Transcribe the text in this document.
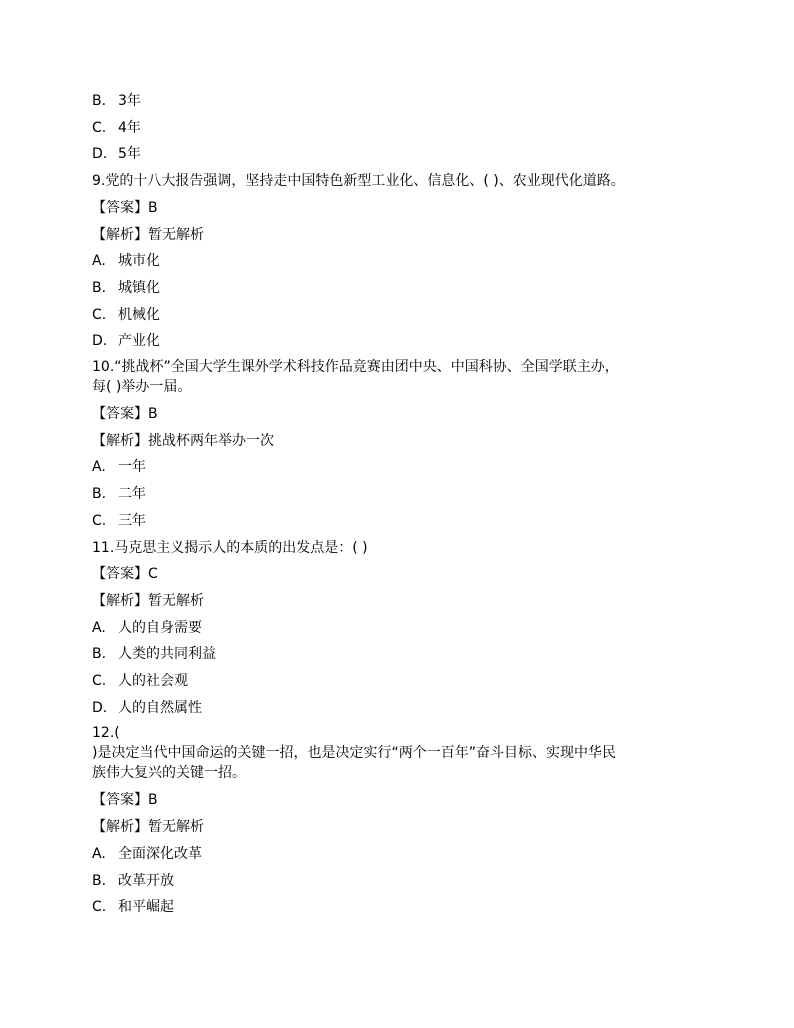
B. 3年
C. 4年
D. 5年
9.党的十八大报告强调，坚持走中国特色新型工业化、信息化、( )、农业现代化道路。
【答案】B
【解析】暂无解析
A. 城市化
B. 城镇化
C. 机械化
D. 产业化
10.“挑战杯”全国大学生课外学术科技作品竞赛由团中央、中国科协、全国学联主办，
每( )举办一届。
【答案】B
【解析】挑战杯两年举办一次
A. 一年
B. 二年
C. 三年
11.马克思主义揭示人的本质的出发点是：( )
【答案】C
【解析】暂无解析
A. 人的自身需要
B. 人类的共同利益
C. 人的社会观
D. 人的自然属性
12.(
)是决定当代中国命运的关键一招，也是决定实行“两个一百年”奋斗目标、实现中华民
族伟大复兴的关键一招。
【答案】B
【解析】暂无解析
A. 全面深化改革
B. 改革开放
C. 和平崛起
